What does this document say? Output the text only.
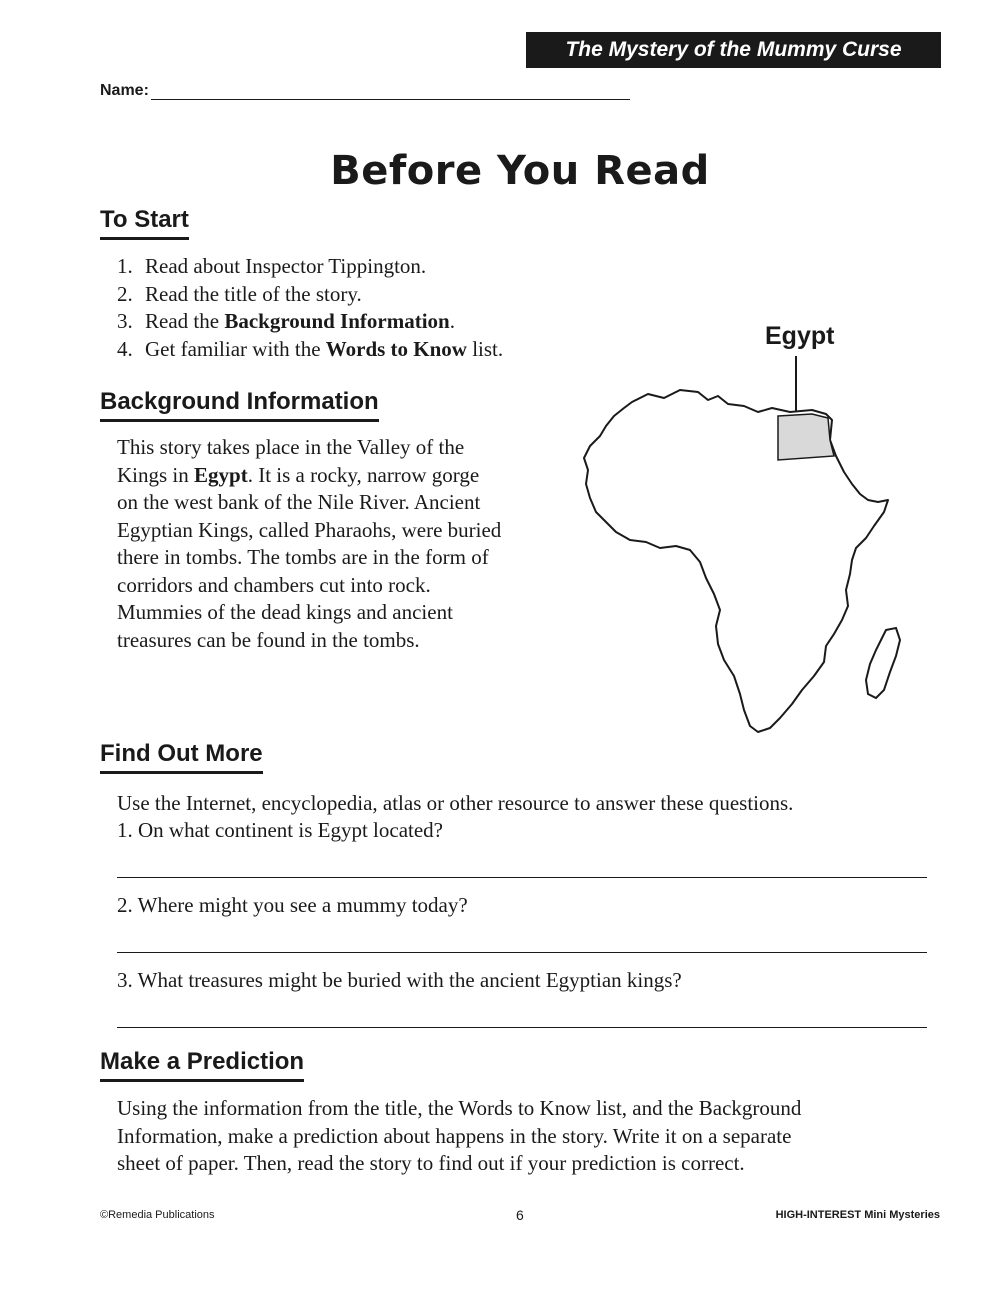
The Mystery of the Mummy Curse
Name:
Before You Read
To Start
1. Read about Inspector Tippington.
2. Read the title of the story.
3. Read the Background Information.
4. Get familiar with the Words to Know list.
Background Information
This story takes place in the Valley of the
Kings in Egypt. It is a rocky, narrow gorge
on the west bank of the Nile River. Ancient
Egyptian Kings, called Pharaohs, were buried
there in tombs. The tombs are in the form of
corridors and chambers cut into rock.
Mummies of the dead kings and ancient
treasures can be found in the tombs.
Egypt
Find Out More
Use the Internet, encyclopedia, atlas or other resource to answer these questions.
1. On what continent is Egypt located?
2. Where might you see a mummy today?
3. What treasures might be buried with the ancient Egyptian kings?
Make a Prediction
Using the information from the title, the Words to Know list, and the Background
Information, make a prediction about happens in the story. Write it on a separate
sheet of paper. Then, read the story to find out if your prediction is correct.
©Remedia Publications	6	HIGH-INTEREST Mini Mysteries
